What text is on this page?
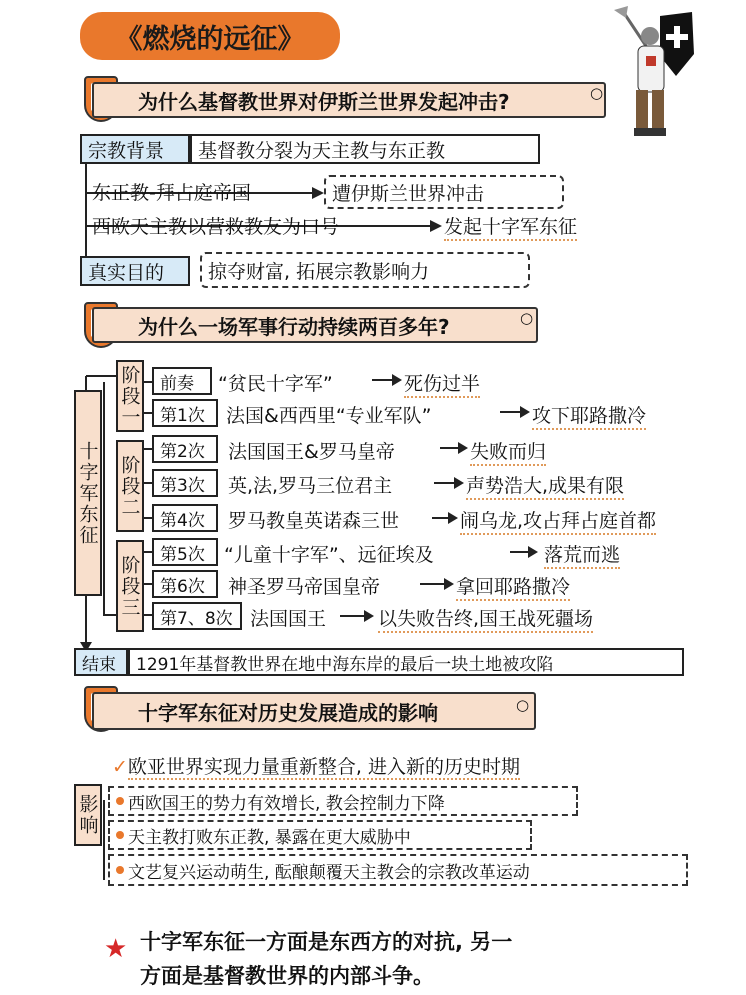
《燃烧的远征》
为什么基督教世界对伊斯兰世界发起冲击?	○
宗教背景	基督教分裂为天主教与东正教
东正教-拜占庭帝国	遭伊斯兰世界冲击
西欧天主教以营救教友为口号	发起十字军东征
真实目的	掠夺财富, 拓展宗教影响力
为什么一场军事行动持续两百多年?	○
十字军东征
阶段一
阶段二
阶段三
前奏	“贫民十字军”	死伤过半
第1次	法国&西西里“专业军队”	攻下耶路撒冷
第2次	法国国王&罗马皇帝	失败而归
第3次	英,法,罗马三位君主	声势浩大,成果有限
第4次	罗马教皇英诺森三世	闹乌龙,攻占拜占庭首都
第5次	“儿童十字军”、远征埃及	落荒而逃
第6次	神圣罗马帝国皇帝	拿回耶路撒冷
第7、8次 法国国王	以失败告终,国王战死疆场
结束	1291年基督教世界在地中海东岸的最后一块土地被攻陷
十字军东征对历史发展造成的影响	○
影响
✓欧亚世界实现力量重新整合, 进入新的历史时期
西欧国王的势力有效增长, 教会控制力下降
天主教打败东正教, 暴露在更大威胁中
文艺复兴运动萌生, 酝酿颠覆天主教会的宗教改革运动
★ 十字军东征一方面是东西方的对抗, 另一
方面是基督教世界的内部斗争。
